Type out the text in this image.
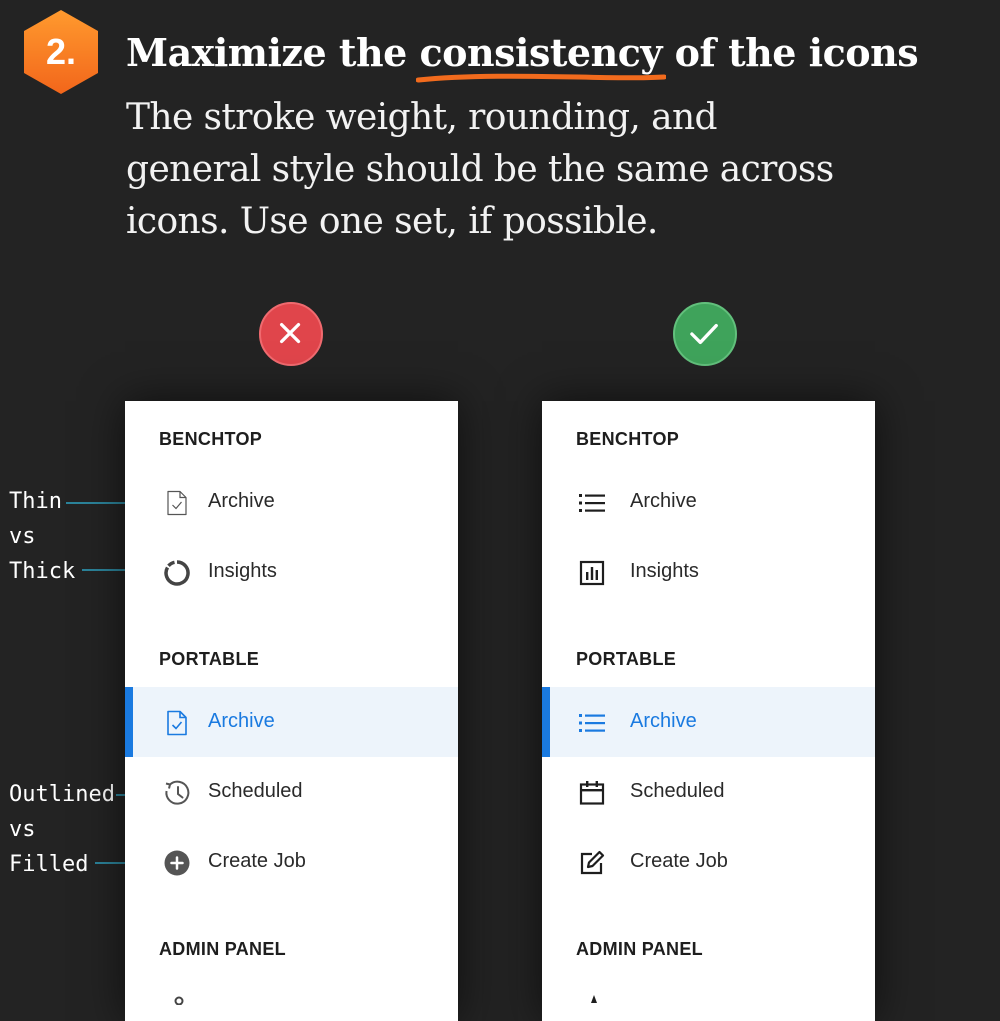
2.	Maximize the consistency
of the icons
The stroke weight, rounding, and general style should be the same across icons. Use one set, if possible.
Thin
vs
Thick
Outlined
vs
Filled
BENCHTOP
Archive
Insights
PORTABLE
Archive
Scheduled
Create Job
ADMIN PANEL
BENCHTOP
Archive
Insights
PORTABLE
Archive
Scheduled
Create Job
ADMIN PANEL
